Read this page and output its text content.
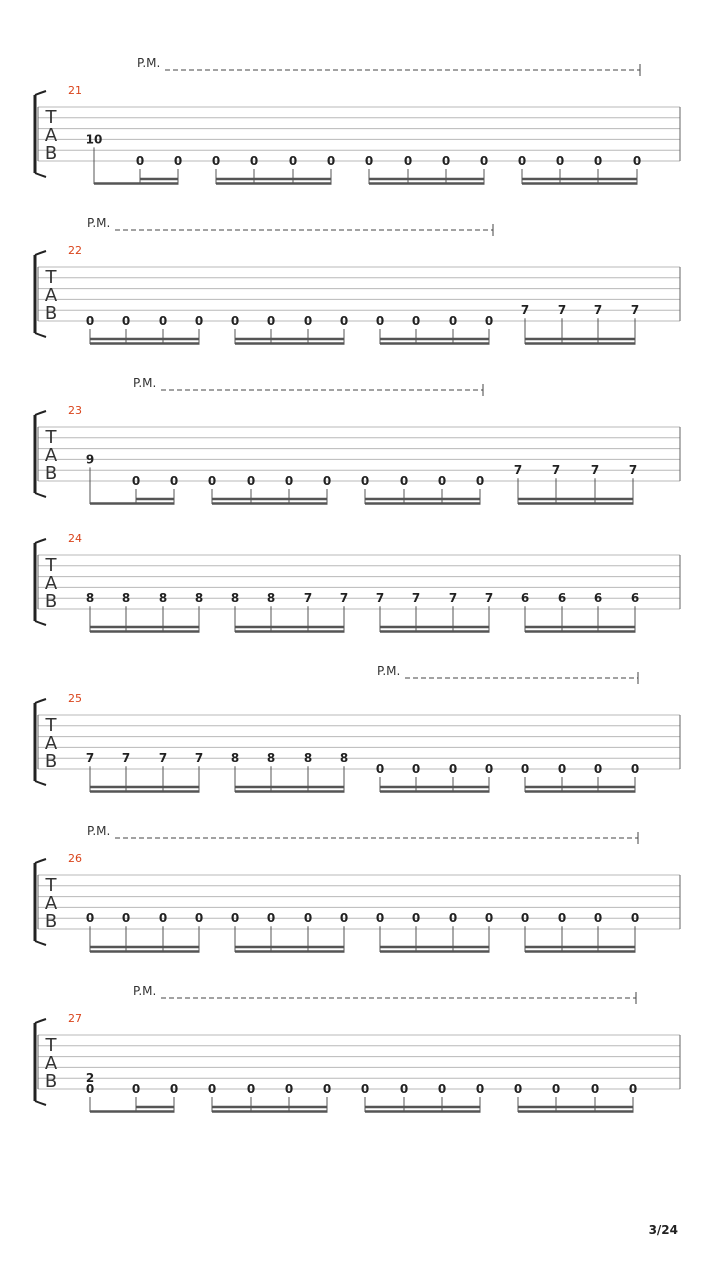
T
A
B
21
P.M.
10
0 0 0 0	0 0 0	0 0 0 0 0 0	0
T
A
B
22
P.M.
0 0 0 0 0 0 0 0 0 0 0 0
7 7 7 7
T
A
B
23
P.M.
9
0 0 0	0 0 0 0	0 0 0
7 7	7 7
T
A
B
24
8 8 8 8 8 8 7 7 7 7 7 7 6 6 6 6
T
A
B
25
P.M.
7 7 7 7 8 8 8 8
0 0 0 0 0 0 0 0
T
A
B
26
P.M.
0 0 0 0 0 0 0 0 0 0 0 0 0 0 0 0
T
A
B
27
P.M.
2
0	0 0 0	0 0 0 0	0 0 0 0 0	0 0
3/24
